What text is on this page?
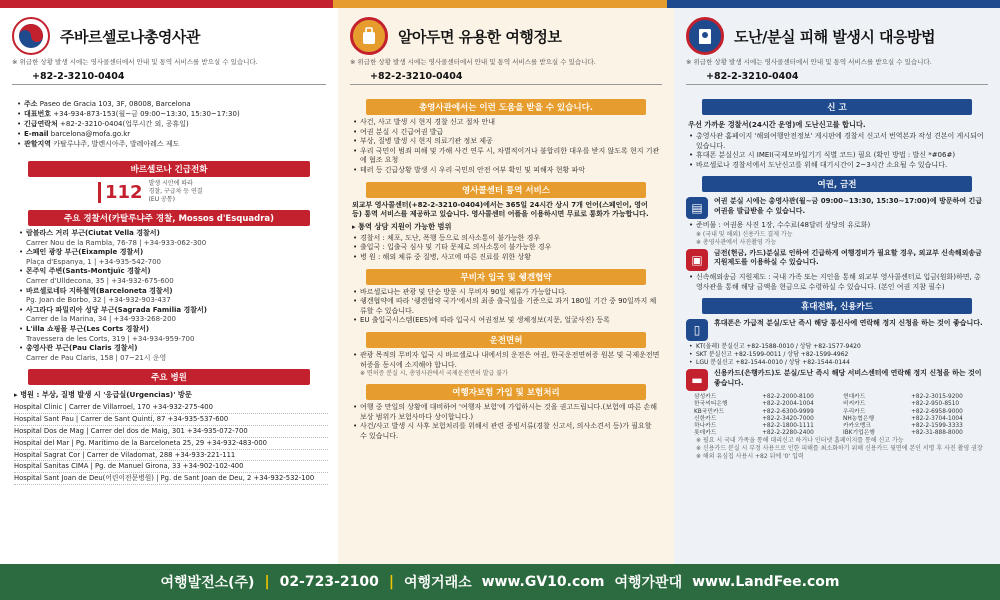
주바르셀로나총영사관
※ 위급한 상황 발생 시에는 영사콜센터에서 안내 및 통역 서비스를 받으실 수 있습니다.
+82-2-3210-0404
• 주소 Paseo de Gracia 103, 3F, 08008, Barcelona
• 대표번호 +34-934-873-153(월~금 09:00~13:30, 15:30~17:30)
• 긴급연락처 +82-2-3210-0404(업무시간 외, 공휴일)
• E-mail barcelona@mofa.go.kr
• 관할지역 카탈루냐주, 발렌시아주, 발레아레스 제도
바르셀로나 긴급전화
112 발생 시안에 따라
경찰, 구급차 등 연결
(EU 공통)
주요 경찰서(카탈루냐주 경찰, Mossos d'Esquadra)
• 람블라스 거리 부근(Ciutat Vella 경찰서)
Carrer Nou de la Rambla, 76-78 | +34-933-062-300
• 스페인 광장 부근(Eixample 경찰서)
Plaça d'Espanya, 1 | +34-935-542-700
• 몬주익 주변(Sants-Montjuïc 경찰서)
Carrer d'Ulldecona, 35 | +34-932-675-600
• 바르셀로네타 지하철역(Barceloneta 경찰서)
Pg. Joan de Borbo, 32 | +34-932-903-437
• 사그라다 파밀리아 성당 부근(Sagrada Familia 경찰서)
Carrer de la Marina, 34 | +34-933-268-200
• L'illa 쇼핑몰 부근(Les Corts 경찰서)
Travessera de les Corts, 319 | +34-934-959-700
• 총영사관 부근(Pau Claris 경찰서)
Carrer de Pau Claris, 158 | 07~21시 운영
주요 병원
▸ 병원 : 부상, 질병 발생 시 '응급실(Urgencias)' 방문
Hospital Clinic | Carrer de Villarroel, 170 +34-932-275-400
Hospital Sant Pau | Carrer de Sant Quintí, 87 +34-935-537-600
Hospital Dos de Mag | Carrer del dos de Maig, 301 +34-935-072-700
Hospital del Mar | Pg. Marítimo de la Barceloneta 25, 29 +34-932-483-000
Hospital Sagrat Cor | Carrer de Viladomat, 288 +34-933-221-111
Hospital Sanitas CIMA | Pg. de Manuel Girona, 33 +34-902-102-400
Hospital Sant Joan de Deu(어린이전문병원) | Pg. de Sant Joan de Deu, 2 +34-932-532-100
알아두면 유용한 여행정보
※ 위급한 상황 발생 시에는 영사콜센터에서 안내 및 통역 서비스를 받으실 수 있습니다.
+82-2-3210-0404
총영사관에서는 이런 도움을 받을 수 있습니다.
• 사건, 사고 발생 시 현지 경찰 신고 절차 안내
• 여권 분실 시 긴급여권 발급
• 부상, 질병 발생 시 현지 의료기관 정보 제공
• 우리 국민이 범죄 피해 및 가해 사건 연루 시, 차별적이거나 불합리한 대우를 받지 않도록 현지 기관에 협조 요청
• 테러 등 긴급상황 발생 시 우리 국민의 안전 여부 확인 및 피해자 현황 파악
영사콜센터 통역 서비스
외교부 영사콜센터(+82-2-3210-0404)에서는 365일 24시간 상시 7개 언어(스페인어, 영어 등) 통역 서비스를 제공하고 있습니다. 영사콜센터 어플을 이용하시면 무료로 통화가 가능합니다.
▸ 통역 상담 지원이 가능한 범위
• 경찰서 : 체포, 도난, 폭행 등으로 의사소통이 불가능한 경우
• 출입국 : 입출국 심사 및 기타 문제로 의사소통이 불가능한 경우
• 병 원 : 해외 체류 중 질병, 사고에 따른 진료를 위한 상황
무비자 입국 및 쉥겐협약
• 바르셀로나는 관광 및 단순 방문 시 무비자 90일 체류가 가능합니다.
• 쉥겐협약에 따라 '쉥겐협약 국가'에서의 최종 출국일을 기준으로 과거 180일 기간 중 90일까지 체류할 수 있습니다.
• EU 출입국시스템(EES)에 따라 입국시 여권정보 및 생체정보(지문, 얼굴사진) 등록
운전면허
• 관광 목적의 무비자 입국 시 바르셀로나 내에서의 운전은 여권, 한국운전면허증 원본 및 국제운전면허증을 동시에 소지해야 합니다.
※ 면허증 분실 시, 총영사관에서 국제운전면허 발급 불가
여행자보험 가입 및 보험처리
• 여행 중 만일의 상황에 대비하여 '여행자 보험'에 가입하시는 것을 권고드립니다.(보험에 따른 손해보상 범위가 보험사마다 상이합니다.)
• 사건/사고 발생 시 사후 보험처리를 위해서 관련 증빙서류(경찰 신고서, 의사소견서 등)가 필요할 수 있습니다.
도난/분실 피해 발생시 대응방법
※ 위급한 상황 발생 시에는 영사콜센터에서 안내 및 통역 서비스를 받으실 수 있습니다.
+82-2-3210-0404
신 고
우선 가까운 경찰서(24시간 운영)에 도난신고를 합니다.
• 총영사관 홈페이지 '해외여행안전정보' 게시판에 경찰서 신고서 번역본과 작성 견본이 게시되어 있습니다.
• 휴대폰 분실신고 시 IMEI(국제모바일기기 식별 코드) 필요 (확인 방법 : 발신 *#06#)
• 바르셀로나 경찰서에서 도난신고를 위해 대기시간이 2~3시간 소요될 수 있습니다.
여권, 금전
▤	여권 분실 시에는 총영사관(월~금 09:00~13:30, 15:30~17:00)에 방문하여 긴급여권을 발급받을 수 있습니다.
• 준비물 : 여권용 사진 1장, 수수료(48달러 상당의 유로화)
※ (국내 및 해외) 신용카드 결제 가능
※ 총영사관에서 사진촬영 가능
▣	금전(현금, 카드)분실로 인하여 긴급하게 여행경비가 필요할 경우, 외교부 신속해외송금 지원제도를 이용하실 수 있습니다.
• 신속해외송금 지원제도 : 국내 가족 또는 지인을 통해 외교부 영사콜센터로 입금(원화)하면, 총영사관을 통해 해당 금액을 현금으로 수령하실 수 있습니다. (본인 여권 지참 필수)
휴대전화, 신용카드
▯	휴대폰은 가급적 분실/도난 즉시 해당 통신사에 연락해 정지 신청을 하는 것이 좋습니다.
• KT(올레) 분실신고 +82-1588-0010 / 상담 +82-1577-9420
• SKT 분실신고 +82-1599-0011 / 상담 +82-1599-4962
• LGU 분실신고 +82-1544-0010 / 상담 +82-1544-0144
▬	신용카드(은행카드)도 분실/도난 즉시 해당 서비스센터에 연락해 정지 신청을 하는 것이 좋습니다.
삼성카드	+82-2-2000-8100	현대카드	+82-2-3015-9200
한국씨티은행	+82-2-2004-1004	비씨카드	+82-2-950-8510
KB국민카드	+82-2-6300-9999	우리카드	+82-2-6958-9000
신한카드	+82-2-3420-7000	NH농협은행	+82-2-3704-1004
하나카드	+82-2-1800-1111	카카오뱅크	+82-2-1599-3333
롯데카드	+82-2-2280-2400	IBK기업은행	+82-31-888-8000
※ 필요 시 국내 가족을 통해 대리신고 하거나 인터넷 홈페이지를 통해 신고 가능
※ 신용카드 분실 시 부정 사용으로 인한 피해를 최소화하기 위해 신용카드 뒷면에 본인 서명 후 사진 촬영 권장
※ 해외 유심칩 사용시 +82 뒤에 '0' 입력
여행발전소(주) | 02-723-2100 | 여행거래소 www.GV10.com 여행가판대 www.LandFee.com
